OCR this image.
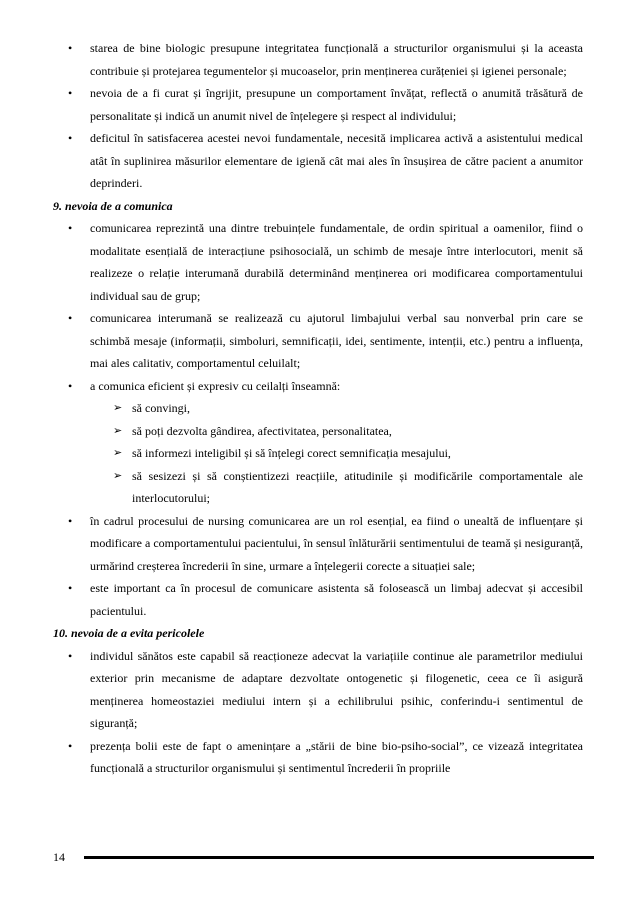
• starea de bine biologic presupune integritatea funcțională a structurilor organismului și la aceasta contribuie și protejarea tegumentelor și mucoaselor, prin menținerea curățeniei și igienei personale;
• nevoia de a fi curat și îngrijit, presupune un comportament învățat, reflectă o anumită trăsătură de personalitate și indică un anumit nivel de înțelegere și respect al individului;
• deficitul în satisfacerea acestei nevoi fundamentale, necesită implicarea activă a asistentului medical atât în suplinirea măsurilor elementare de igienă cât mai ales în însușirea de către pacient a anumitor deprinderi.

9. nevoia de a comunica

• comunicarea reprezintă una dintre trebuințele fundamentale, de ordin spiritual a oamenilor, fiind o modalitate esențială de interacțiune psihosocială, un schimb de mesaje între interlocutori, menit să realizeze o relație interumană durabilă determinând menținerea ori modificarea comportamentului individual sau de grup;
• comunicarea interumană se realizează cu ajutorul limbajului verbal sau nonverbal prin care se schimbă mesaje (informații, simboluri, semnificații, idei, sentimente, intenții, etc.) pentru a influența, mai ales calitativ, comportamentul celuilalt;
• a comunica eficient și expresiv cu ceilalți înseamnă:
➢ să convingi,
➢ să poți dezvolta gândirea, afectivitatea, personalitatea,
➢ să informezi inteligibil și să înțelegi corect semnificația mesajului,
➢ să sesizezi și să conștientizezi reacțiile, atitudinile și modificările comportamentale ale interlocutorului;
• în cadrul procesului de nursing comunicarea are un rol esențial, ea fiind o unealtă de influențare și modificare a comportamentului pacientului, în sensul înlăturării sentimentului de teamă și nesiguranță, urmărind creșterea încrederii în sine, urmare a înțelegerii corecte a situației sale;
• este important ca în procesul de comunicare asistenta să folosească un limbaj adecvat și accesibil pacientului.

10. nevoia de a evita pericolele

• individul sănătos este capabil să reacționeze adecvat la variațiile continue ale parametrilor mediului exterior prin mecanisme de adaptare dezvoltate ontogenetic și filogenetic, ceea ce îi asigură menținerea homeostaziei mediului intern și a echilibrului psihic, conferindu-i sentimentul de siguranță;
• prezența bolii este de fapt o amenințare a „stării de bine bio-psiho-social”, ce vizează integritatea funcțională a structurilor organismului și sentimentul încrederii în propriile
14
